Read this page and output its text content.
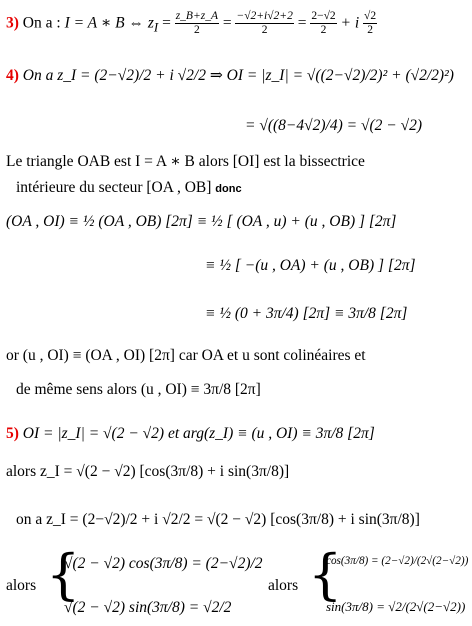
3) On a : I = A ∗ B ⇔ $z_I = \frac{z\_B+z\_A}{2} = \frac{-√2+i√2+2}{2} = \frac{2-√2}{2} + i \frac{√2}{2}$
4) On a z_I = (2−√2)/2 + i √2/2 ⇒ OI = |z_I| = √((2−√2)/2)² + (√2/2)²)
= √((8−4√2)/4) = √(2 − √2)
Le triangle OAB est I = A ∗ B alors [OI] est la bissectrice
intérieure du secteur [OA , OB] donc
(OA , OI) ≡ ½ (OA , OB) [2π] ≡ ½ [ (OA , u) + (u , OB) ] [2π]
≡ ½ [ −(u , OA) + (u , OB) ] [2π]
≡ ½ (0 + 3π/4) [2π] ≡ 3π/8 [2π]
or (u , OI) ≡ (OA , OI) [2π] car OA et u sont colinéaires et
de même sens alors (u , OI) ≡ 3π/8 [2π]
5) OI = |z_I| = √(2 − √2) et arg(z_I) ≡ (u , OI) ≡ 3π/8 [2π]
alors z_I = √(2 − √2) [cos(3π/8) + i sin(3π/8)]
on a z_I = (2−√2)/2 + i √2/2 = √(2 − √2) [cos(3π/8) + i sin(3π/8)]
alors {
√(2 − √2) cos(3π/8) = (2−√2)/2
√(2 − √2) sin(3π/8) = √2/2
alors {
cos(3π/8) = (2−√2)/(2√(2−√2))
sin(3π/8) = √2/(2√(2−√2))
